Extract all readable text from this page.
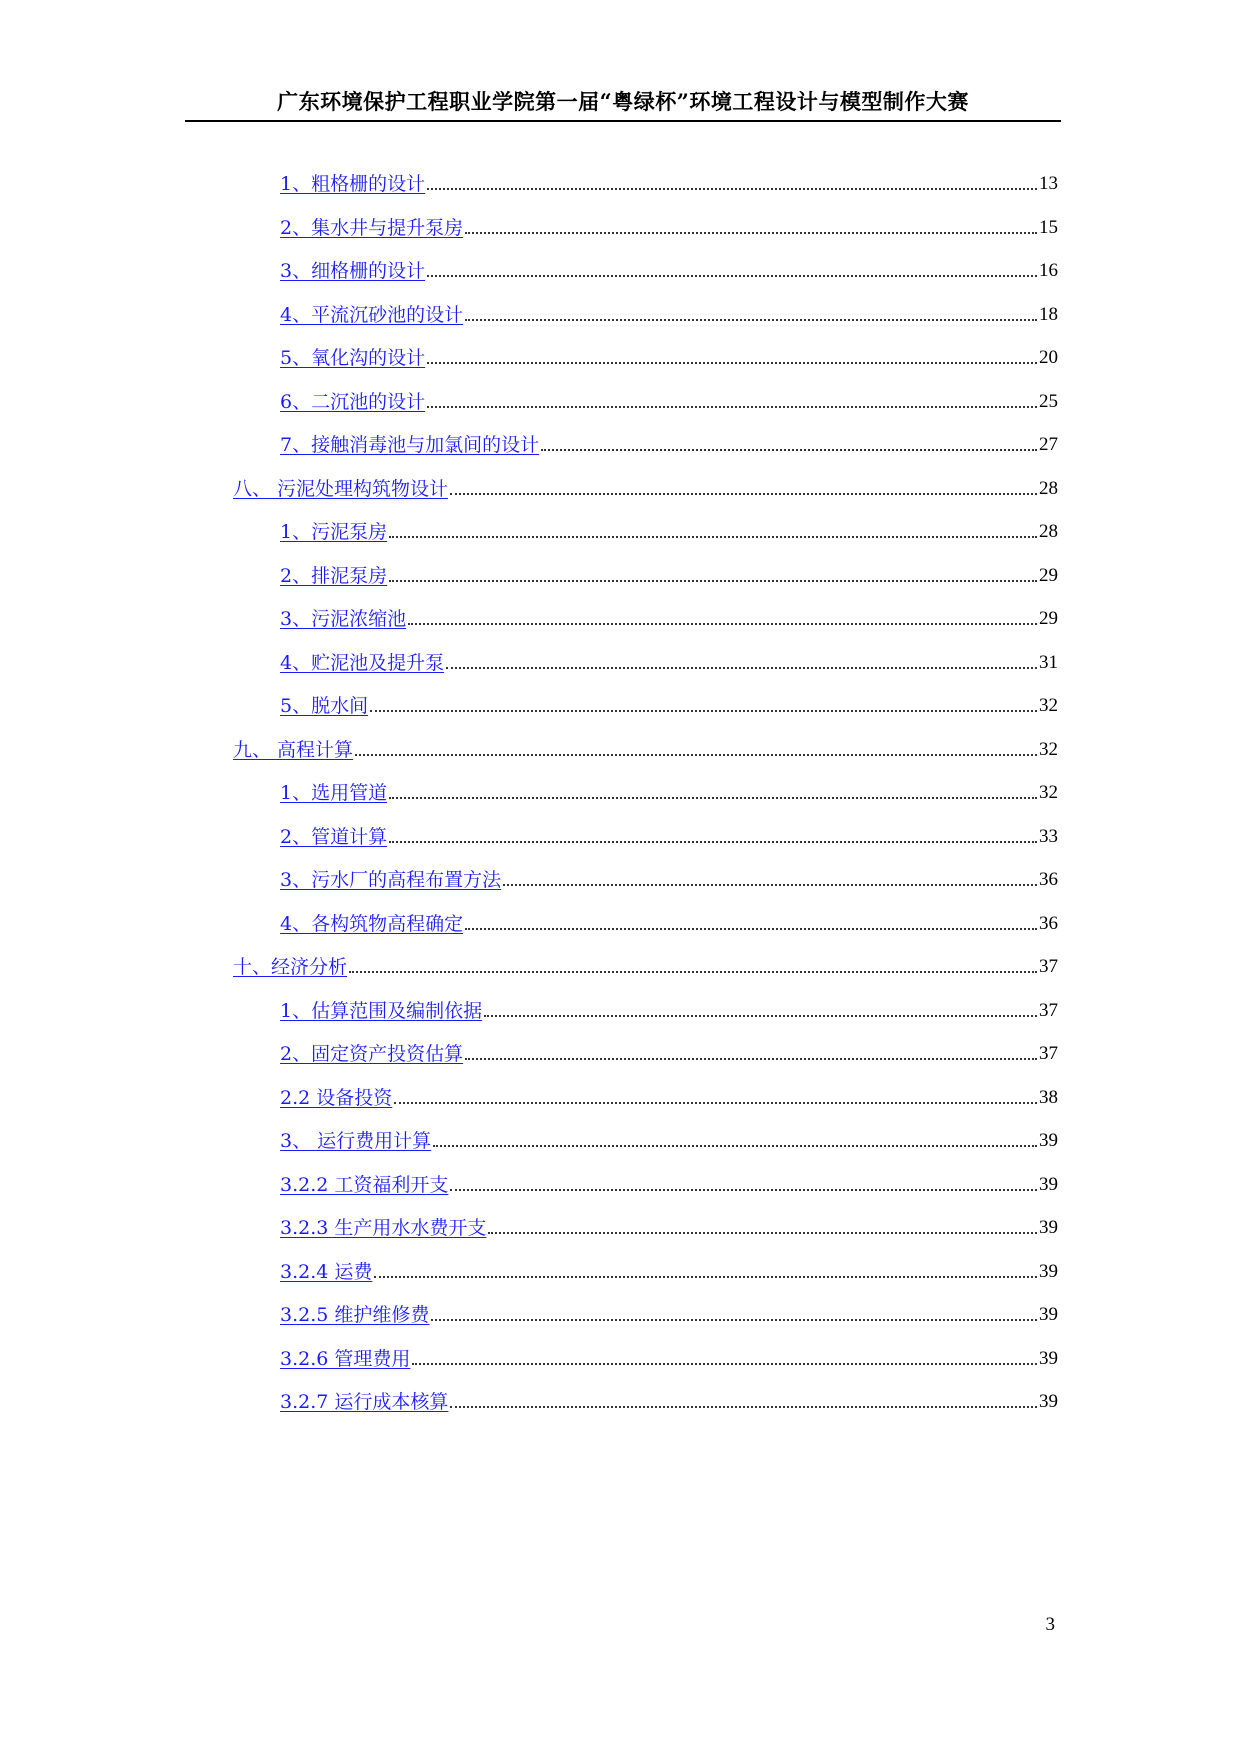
广东环境保护工程职业学院第一届“粤绿杯”环境工程设计与模型制作大赛
1、粗格栅的设计	13
2、集水井与提升泵房	15
3、细格栅的设计	16
4、平流沉砂池的设计	18
5、氧化沟的设计	20
6、二沉池的设计	25
7、接触消毒池与加氯间的设计	27
八、 污泥处理构筑物设计	28
1、污泥泵房	28
2、排泥泵房	29
3、污泥浓缩池	29
4、贮泥池及提升泵	31
5、脱水间	32
九、 高程计算	32
1、选用管道	32
2、管道计算	33
3、污水厂的高程布置方法	36
4、各构筑物高程确定	36
十、经济分析	37
1、估算范围及编制依据	37
2、固定资产投资估算	37
2.2 设备投资	38
3、 运行费用计算	39
3.2.2 工资福利开支	39
3.2.3 生产用水水费开支	39
3.2.4 运费	39
3.2.5 维护维修费	39
3.2.6 管理费用	39
3.2.7 运行成本核算	39
3
